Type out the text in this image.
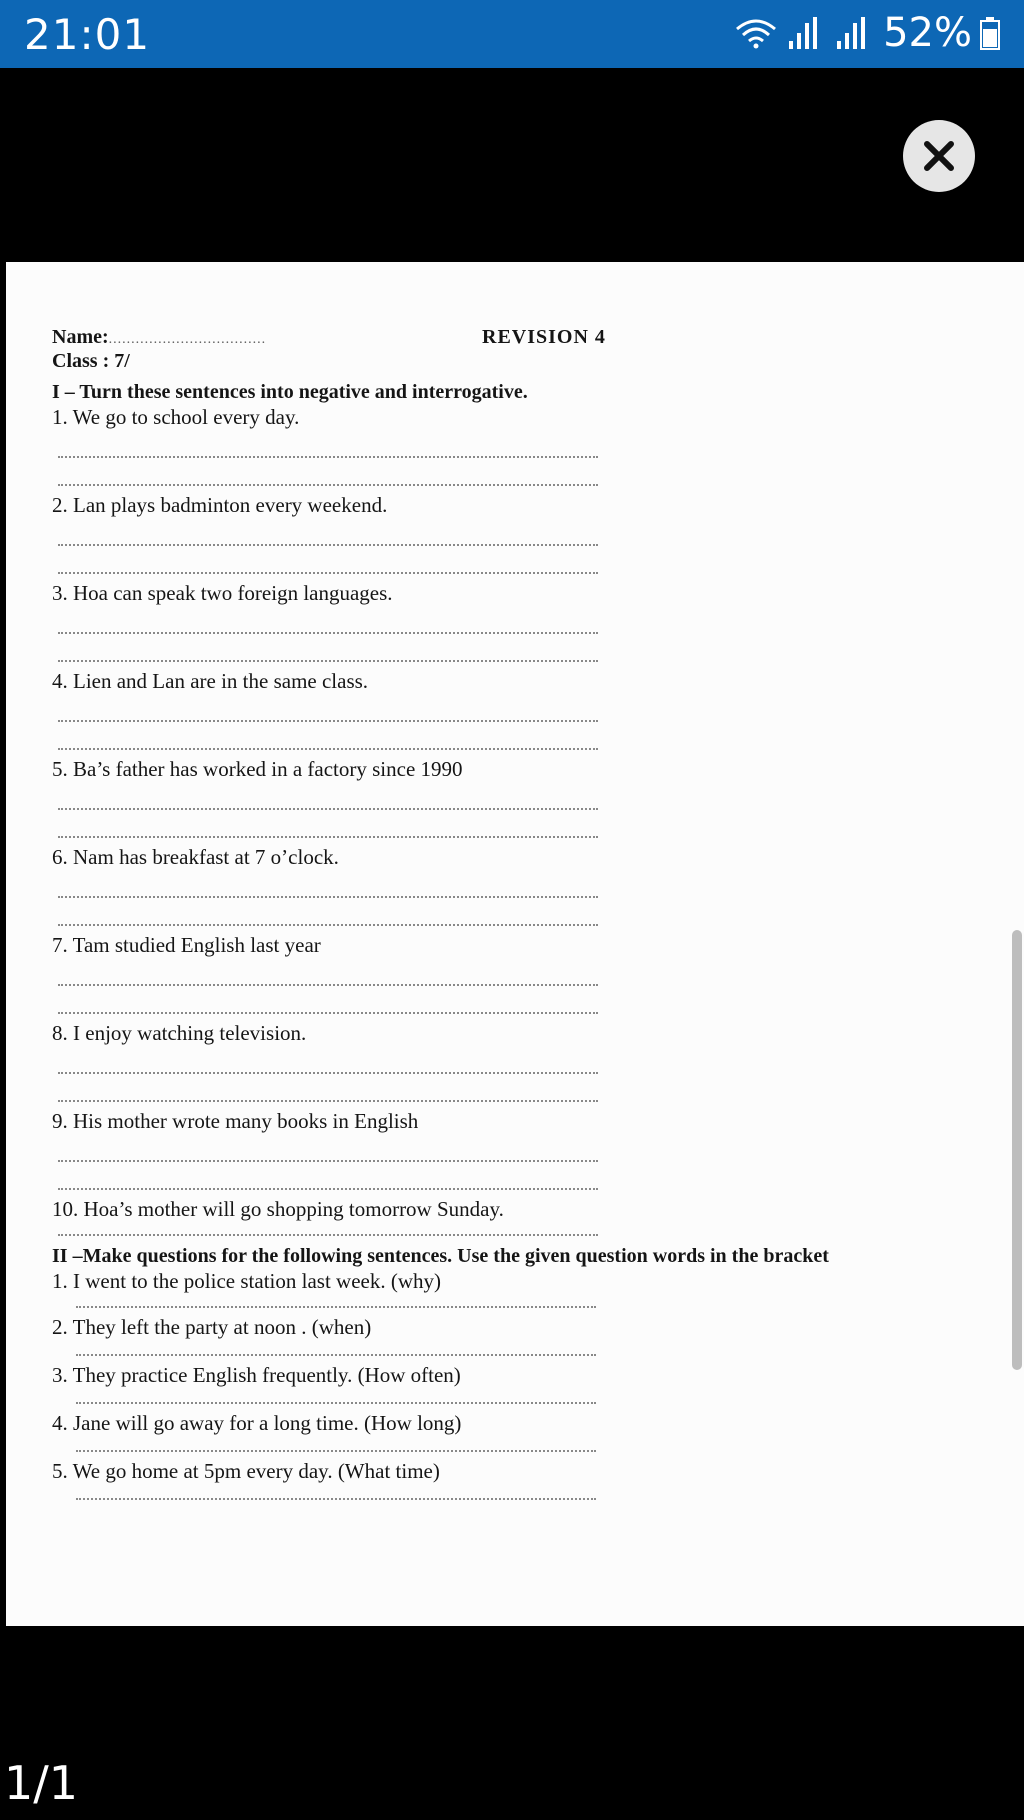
21:01	52%
Name: ...................................	REVISION 4
Class : 7/
I – Turn these sentences into negative and interrogative.
1. We go to school every day.
2. Lan plays badminton every weekend.
3. Hoa can speak two foreign languages.
4. Lien and Lan are in the same class.
5. Ba’s father has worked in a factory since 1990
6. Nam has breakfast at 7 o’clock.
7. Tam studied English last year
8. I enjoy watching television.
9. His mother wrote many books in English
10. Hoa’s mother will go shopping tomorrow Sunday.
II –Make questions for the following sentences. Use the given question words in the bracket
1. I went to the police station last week. (why)
2. They left the party at noon . (when)
3. They practice English frequently. (How often)
4. Jane will go away for a long time. (How long)
5. We go home at 5pm every day. (What time)
1/1
